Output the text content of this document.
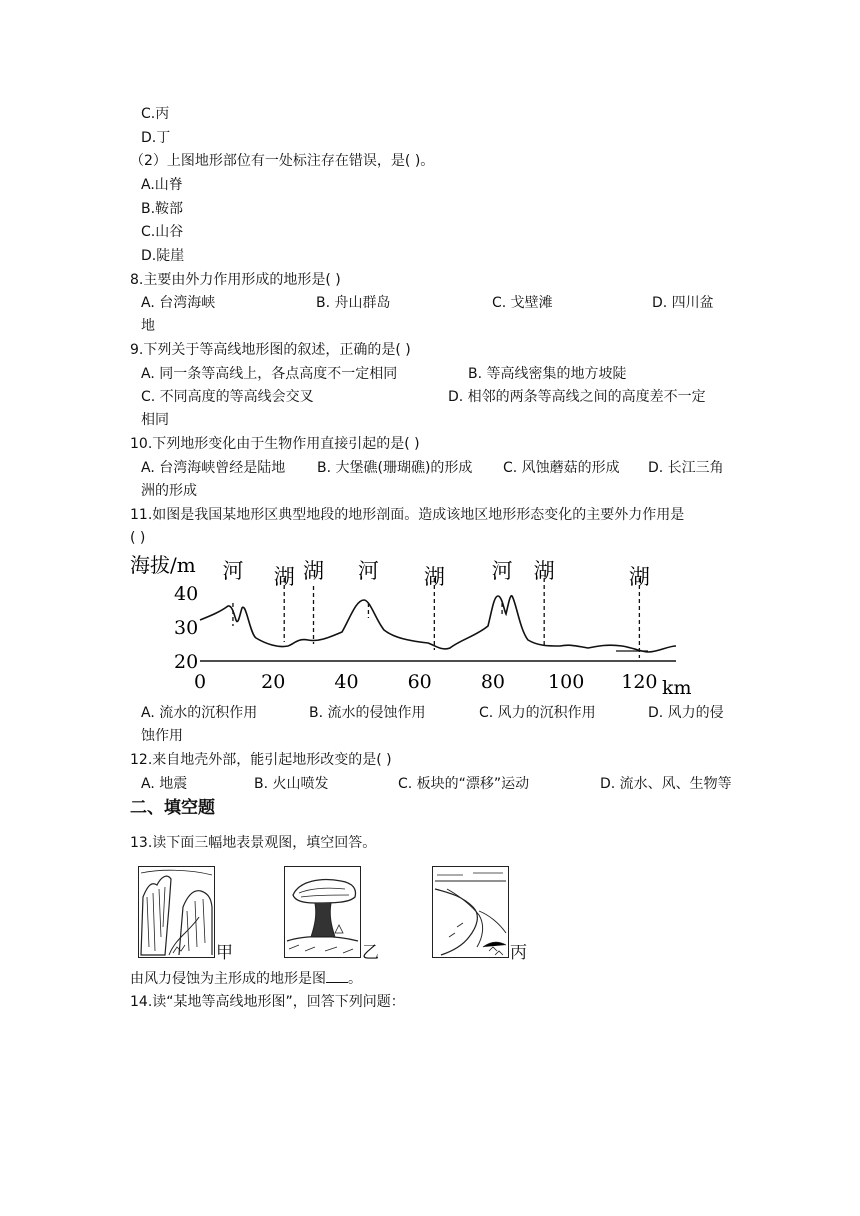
C.丙
D.丁
（2）上图地形部位有一处标注存在错误，是( )。
A.山脊
B.鞍部
C.山谷
D.陡崖
8.主要由外力作用形成的地形是( )
A. 台湾海峡	B. 舟山群岛	C. 戈壁滩	D. 四川盆
地
9.下列关于等高线地形图的叙述，正确的是( )
A. 同一条等高线上，各点高度不一定相同	B. 等高线密集的地方坡陡
C. 不同高度的等高线会交叉	D. 相邻的两条等高线之间的高度差不一定
相同
10.下列地形变化由于生物作用直接引起的是( )
A. 台湾海峡曾经是陆地 B. 大堡礁(珊瑚礁)的形成 C. 风蚀蘑菇的形成 D. 长江三角
洲的形成
11.如图是我国某地形区典型地段的地形剖面。造成该地区地形形态变化的主要外力作用是
( )
海拔/m
20
30
40
0	20	40	60	80 100 120
河 湖 湖 河 湖 河 湖	湖
km
A. 流水的沉积作用	B. 流水的侵蚀作用	C. 风力的沉积作用	D. 风力的侵
蚀作用
12.来自地壳外部，能引起地形改变的是( )
A. 地震	B. 火山喷发	C. 板块的“漂移”运动	D. 流水、风、生物等
二、填空题
13.读下面三幅地表景观图，填空回答。
甲	乙	丙
由风力侵蚀为主形成的地形是图 。
14.读“某地等高线地形图”，回答下列问题：
